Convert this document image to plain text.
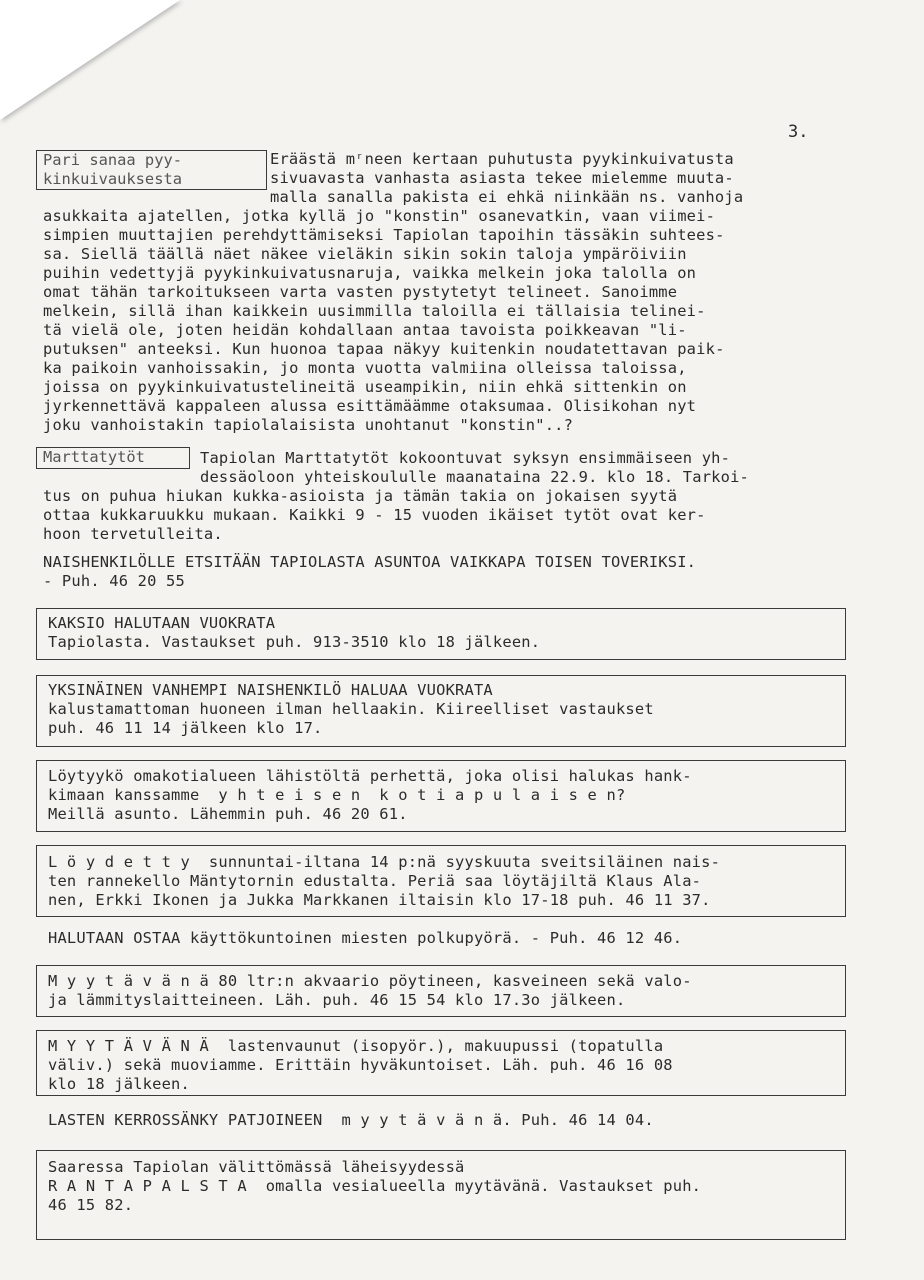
3.
Pari sanaa pyy-
kinkuivauksesta
Eräästä mʳneen kertaan puhutusta pyykinkuivatusta
sivuavasta vanhasta asiasta tekee mielemme muuta-
malla sanalla pakista ei ehkä niinkään ns. vanhoja
asukkaita ajatellen, jotka kyllä jo "konstin" osanevatkin, vaan viimei-
simpien muuttajien perehdyttämiseksi Tapiolan tapoihin tässäkin suhtees-
sa. Siellä täällä näet näkee vieläkin sikin sokin taloja ympäröiviin
puihin vedettyjä pyykinkuivatusnaruja, vaikka melkein joka talolla on
omat tähän tarkoitukseen varta vasten pystytetyt telineet. Sanoimme
melkein, sillä ihan kaikkein uusimmilla taloilla ei tällaisia telinei-
tä vielä ole, joten heidän kohdallaan antaa tavoista poikkeavan "li-
putuksen" anteeksi. Kun huonoa tapaa näkyy kuitenkin noudatettavan paik-
ka paikoin vanhoissakin, jo monta vuotta valmiina olleissa taloissa,
joissa on pyykinkuivatustelineitä useampikin, niin ehkä sittenkin on
jyrkennettävä kappaleen alussa esittämäämme otaksumaa. Olisikohan nyt
joku vanhoistakin tapiolalaisista unohtanut "konstin"..?
Marttatytöt	Tapiolan Marttatytöt kokoontuvat syksyn ensimmäiseen yh-
dessäoloon yhteiskoululle maanataina 22.9. klo 18. Tarkoi-
tus on puhua hiukan kukka-asioista ja tämän takia on jokaisen syytä
ottaa kukkaruukku mukaan. Kaikki 9 - 15 vuoden ikäiset tytöt ovat ker-
hoon tervetulleita.
NAISHENKILÖLLE ETSITÄÄN TAPIOLASTA ASUNTOA VAIKKAPA TOISEN TOVERIKSI.
- Puh. 46 20 55
KAKSIO HALUTAAN VUOKRATA
Tapiolasta. Vastaukset puh. 913-3510 klo 18 jälkeen.
YKSINÄINEN VANHEMPI NAISHENKILÖ HALUAA VUOKRATA
kalustamattoman huoneen ilman hellaakin. Kiireelliset vastaukset
puh. 46 11 14 jälkeen klo 17.
Löytyykö omakotialueen lähistöltä perhettä, joka olisi halukas hank-
kimaan kanssamme  y h t e i s e n  k o t i a p u l a i s e n?
Meillä asunto. Lähemmin puh. 46 20 61.
L ö y d e t t y  sunnuntai-iltana 14 p:nä syyskuuta sveitsiläinen nais-
ten rannekello Mäntytornin edustalta. Periä saa löytäjiltä Klaus Ala-
nen, Erkki Ikonen ja Jukka Markkanen iltaisin klo 17-18 puh. 46 11 37.
HALUTAAN OSTAA käyttökuntoinen miesten polkupyörä. - Puh. 46 12 46.
M y y t ä v ä n ä 80 ltr:n akvaario pöytineen, kasveineen sekä valo-
ja lämmityslaitteineen. Läh. puh. 46 15 54 klo 17.3o jälkeen.
M Y Y T Ä V Ä N Ä  lastenvaunut (isopyör.), makuupussi (topatulla
väliv.) sekä muoviamme. Erittäin hyväkuntoiset. Läh. puh. 46 16 08
klo 18 jälkeen.
LASTEN KERROSSÄNKY PATJOINEEN  m y y t ä v ä n ä. Puh. 46 14 04.
Saaressa Tapiolan välittömässä läheisyydessä
R A N T A P A L S T A  omalla vesialueella myytävänä. Vastaukset puh.
46 15 82.
